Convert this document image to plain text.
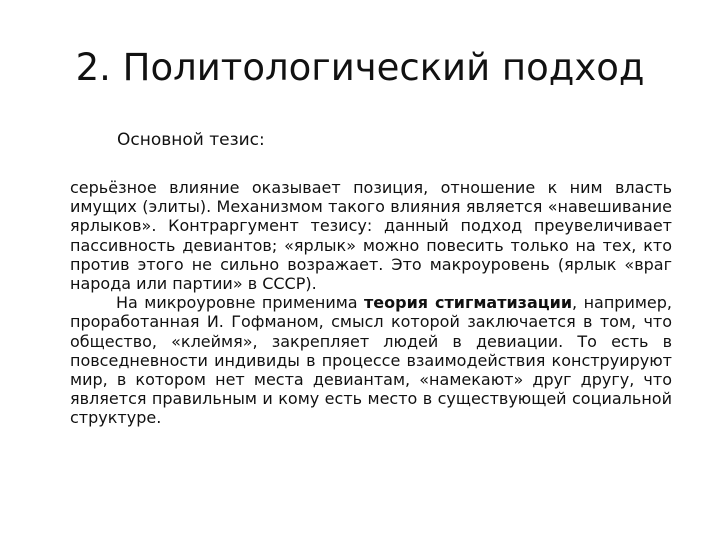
2. Политологический подход

Основной тезис:

серьёзное влияние оказывает позиция, отношение к ним власть имущих (элиты). Механизмом такого влияния является «навешивание ярлыков». Контраргумент тезису: данный подход преувеличивает пассивность девиантов; «ярлык» можно повесить только на тех, кто против этого не сильно возражает. Это макроуровень (ярлык «враг народа или партии» в СССР).

На микроуровне применима теория стигматизации, например, проработанная И. Гофманом, смысл которой заключается в том, что общество, «клеймя», закрепляет людей в девиации. То есть в повседневности индивиды в процессе взаимодействия конструируют мир, в котором нет места девиантам, «намекают» друг другу, что является правильным и кому есть место в существующей социальной структуре.
